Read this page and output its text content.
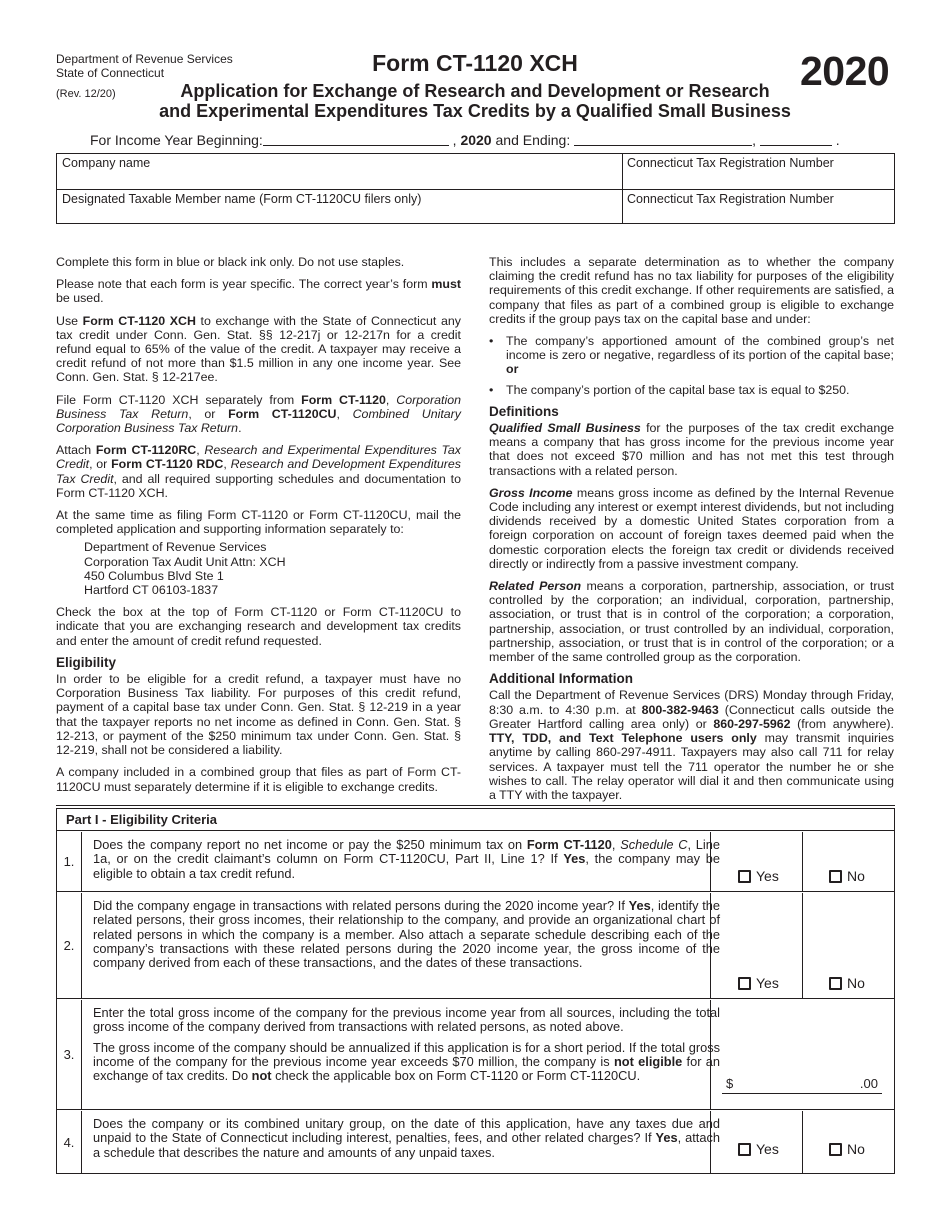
Department of Revenue Services
State of Connecticut
(Rev. 12/20)
Form CT-1120 XCH	2020
Application for Exchange of Research and Development or Research
and Experimental Expenditures Tax Credits by a Qualified Small Business
For Income Year Beginning:	, 2020 and Ending:	,	.
Company name	Connecticut Tax Registration Number
Designated Taxable Member name (Form CT-1120CU filers only)	Connecticut Tax Registration Number

Complete this form in blue or black ink only. Do not use staples.

Please note that each form is year specific. The correct year’s form must be used.

Use Form CT-1120 XCH to exchange with the State of Connecticut any tax credit under Conn. Gen. Stat. §§ 12-217j or 12-217n for a credit refund equal to 65% of the value of the credit. A taxpayer may receive a credit refund of not more than $1.5 million in any one income year. See Conn. Gen. Stat. § 12-217ee.

File Form CT-1120 XCH separately from Form CT-1120, Corporation Business Tax Return, or Form CT-1120CU, Combined Unitary Corporation Business Tax Return.

Attach Form CT-1120RC, Research and Experimental Expenditures Tax Credit, or Form CT-1120 RDC, Research and Development Expenditures Tax Credit, and all required supporting schedules and documentation to Form CT-1120 XCH.

At the same time as filing Form CT-1120 or Form CT-1120CU, mail the completed application and supporting information separately to:

Department of Revenue Services
Corporation Tax Audit Unit Attn: XCH
450 Columbus Blvd Ste 1
Hartford CT 06103-1837

Check the box at the top of Form CT-1120 or Form CT-1120CU to indicate that you are exchanging research and development tax credits and enter the amount of credit refund requested.

Eligibility

In order to be eligible for a credit refund, a taxpayer must have no Corporation Business Tax liability. For purposes of this credit refund, payment of a capital base tax under Conn. Gen. Stat. § 12-219 in a year that the taxpayer reports no net income as defined in Conn. Gen. Stat. § 12-213, or payment of the $250 minimum tax under Conn. Gen. Stat. § 12-219, shall not be considered a liability.

A company included in a combined group that files as part of Form CT-1120CU must separately determine if it is eligible to exchange credits.

This includes a separate determination as to whether the company claiming the credit refund has no tax liability for purposes of the eligibility requirements of this credit exchange. If other requirements are satisfied, a company that files as part of a combined group is eligible to exchange credits if the group pays tax on the capital base and under:

• The company’s apportioned amount of the combined group’s net income is zero or negative, regardless of its portion of the capital base; or
• The company’s portion of the capital base tax is equal to $250.
Definitions

Qualified Small Business for the purposes of the tax credit exchange means a company that has gross income for the previous income year that does not exceed $70 million and has not met this test through transactions with a related person.

Gross Income means gross income as defined by the Internal Revenue Code including any interest or exempt interest dividends, but not including dividends received by a domestic United States corporation from a foreign corporation on account of foreign taxes deemed paid when the domestic corporation elects the foreign tax credit or dividends received directly or indirectly from a passive investment company.

Related Person means a corporation, partnership, association, or trust controlled by the corporation; an individual, corporation, partnership, association, or trust that is in control of the corporation; a corporation, partnership, association, or trust controlled by an individual, corporation, partnership, association, or trust that is in control of the corporation; or a member of the same controlled group as the corporation.

Additional Information

Call the Department of Revenue Services (DRS) Monday through Friday, 8:30 a.m. to 4:30 p.m. at 800-382-9463 (Connecticut calls outside the Greater Hartford calling area only) or 860-297-5962 (from anywhere). TTY, TDD, and Text Telephone users only may transmit inquiries anytime by calling 860-297-4911. Taxpayers may also call 711 for relay services. A taxpayer must tell the 711 operator the number he or she wishes to call. The relay operator will dial it and then communicate using a TTY with the taxpayer.

Part I - Eligibility Criteria
1.
Does the company report no net income or pay the $250 minimum tax on Form CT-1120, Schedule C, Line 1a, or on the credit claimant’s column on Form CT-1120CU, Part II, Line 1? If Yes, the company may be eligible to obtain a tax credit refund.	Yes	No
2.
Did the company engage in transactions with related persons during the 2020 income year? If Yes, identify the related persons, their gross incomes, their relationship to the company, and provide an organizational chart of related persons in which the company is a member. Also attach a separate schedule describing each of the company’s transactions with these related persons during the 2020 income year, the gross income of the company derived from each of these transactions, and the dates of these transactions.
Yes	No
3.

Enter the total gross income of the company for the previous income year from all sources, including the total gross income of the company derived from transactions with related persons, as noted above.

The gross income of the company should be annualized if this application is for a short period. If the total gross income of the company for the previous income year exceeds $70 million, the company is not eligible for an exchange of tax credits. Do not check the applicable box on Form CT-1120 or Form CT-1120CU.

$	.00
4.
Does the company or its combined unitary group, on the date of this application, have any taxes due and unpaid to the State of Connecticut including interest, penalties, fees, and other related charges? If Yes, attach a schedule that describes the nature and amounts of any unpaid taxes.	Yes	No
